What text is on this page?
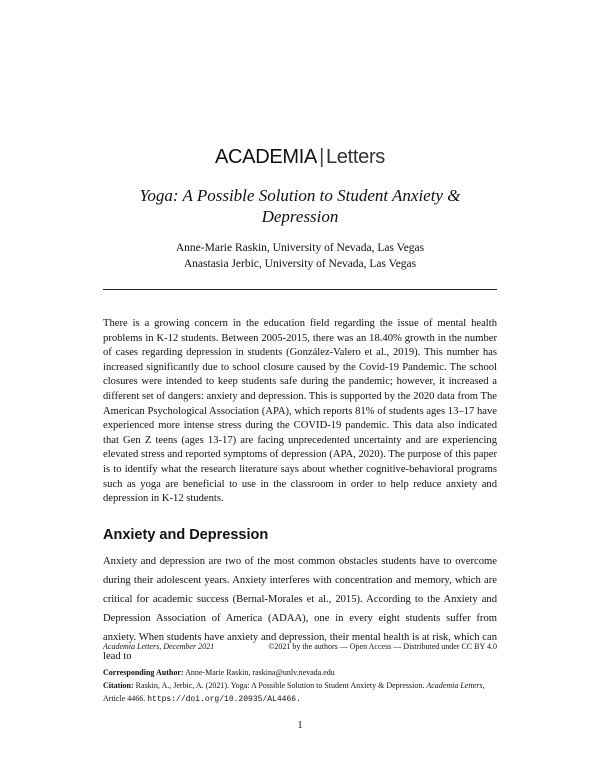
ACADEMIA | Letters
Yoga: A Possible Solution to Student Anxiety & Depression
Anne-Marie Raskin, University of Nevada, Las Vegas
Anastasia Jerbic, University of Nevada, Las Vegas
There is a growing concern in the education field regarding the issue of mental health problems in K-12 students. Between 2005-2015, there was an 18.40% growth in the number of cases regarding depression in students (González-Valero et al., 2019). This number has increased significantly due to school closure caused by the Covid-19 Pandemic. The school closures were intended to keep students safe during the pandemic; however, it increased a different set of dangers: anxiety and depression. This is supported by the 2020 data from The American Psychological Association (APA), which reports 81% of students ages 13–17 have experienced more intense stress during the COVID-19 pandemic. This data also indicated that Gen Z teens (ages 13-17) are facing unprecedented uncertainty and are experiencing elevated stress and reported symptoms of depression (APA, 2020). The purpose of this paper is to identify what the research literature says about whether cognitive-behavioral programs such as yoga are beneficial to use in the classroom in order to help reduce anxiety and depression in K-12 students.
Anxiety and Depression
Anxiety and depression are two of the most common obstacles students have to overcome during their adolescent years. Anxiety interferes with concentration and memory, which are critical for academic success (Bernal-Morales et al., 2015). According to the Anxiety and Depression Association of America (ADAA), one in every eight students suffer from anxiety. When students have anxiety and depression, their mental health is at risk, which can lead to
Academia Letters, December 2021	©2021 by the authors — Open Access — Distributed under CC BY 4.0
Corresponding Author: Anne-Marie Raskin, raskina@unlv.nevada.edu
Citation: Raskin, A., Jerbic, A. (2021). Yoga: A Possible Solution to Student Anxiety & Depression. Academia Letters, Article 4466. https://doi.org/10.20935/AL4466.
1
